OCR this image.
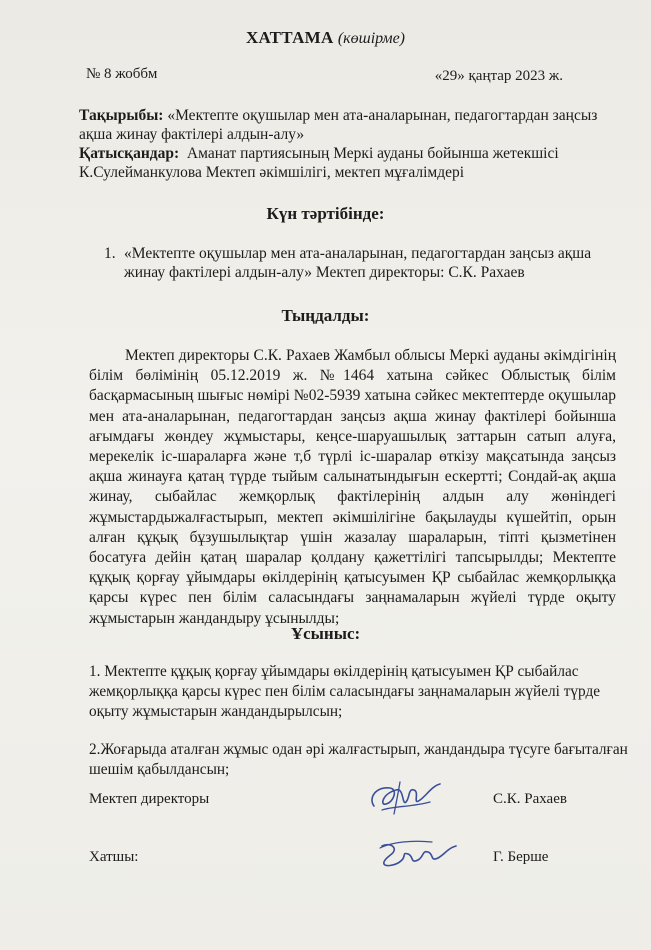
ХАТТАМА (көшірме)

№ 8 жоббм	«29» қаңтар 2023 ж.

Тақырыбы: «Мектепте оқушылар мен ата-аналарынан, педагогтардан заңсыз ақша жинау фактілері алдын-алу»
Қатысқандар: Аманат партиясының Меркі ауданы бойынша жетекшісі К.Сулейманкулова Мектеп әкімшілігі, мектеп мұғалімдері

Күн тәртібінде:

1. «Мектепте оқушылар мен ата-аналарынан, педагогтардан заңсыз ақша жинау фактілері алдын-алу» Мектеп директоры: С.К. Рахаев

Тыңдалды:

Мектеп директоры С.К. Рахаев Жамбыл облысы Меркі ауданы әкімдігінің білім бөлімінің 05.12.2019 ж. №1464 хатына сәйкес Облыстық білім басқармасының шығыс нөмірі №02-5939 хатына сәйкес мектептерде оқушылар мен ата-аналарынан, педагогтардан заңсыз ақша жинау фактілері бойынша ағымдағы жөндеу жұмыстары, кеңсе-шаруашылық заттарын сатып алуға, мерекелік іс-шараларға және т,б түрлі іс-шаралар өткізу мақсатында заңсыз ақша жинауға қатаң түрде тыйым салынатындығын ескертті; Сондай-ақ ақша жинау, сыбайлас жемқорлық фактілерінің алдын алу жөніндегі жұмыстардыжалғастырып, мектеп әкімшілігіне бақылауды күшейтіп, орын алған құқық бұзушылықтар үшін жазалау шараларын, тіпті қызметінен босатуға дейін қатаң шаралар қолдану қажеттілігі тапсырылды; Мектепте құқық қорғау ұйымдары өкілдерінің қатысуымен ҚР сыбайлас жемқорлыққа қарсы күрес пен білім саласындағы заңнамаларын жүйелі түрде оқыту жұмыстарын жандандыру ұсынылды;

Ұсыныс:

1. Мектепте құқық қорғау ұйымдары өкілдерінің қатысуымен ҚР сыбайлас жемқорлыққа қарсы күрес пен білім саласындағы заңнамаларын жүйелі түрде оқыту жұмыстарын жандандырылсын;

2.Жоғарыда аталған жұмыс одан әрі жалғастырып, жандандыра түсуге бағыталған шешім қабылдансын;

Мектеп директоры	С.К. Рахаев
Хатшы:	Г. Берше
